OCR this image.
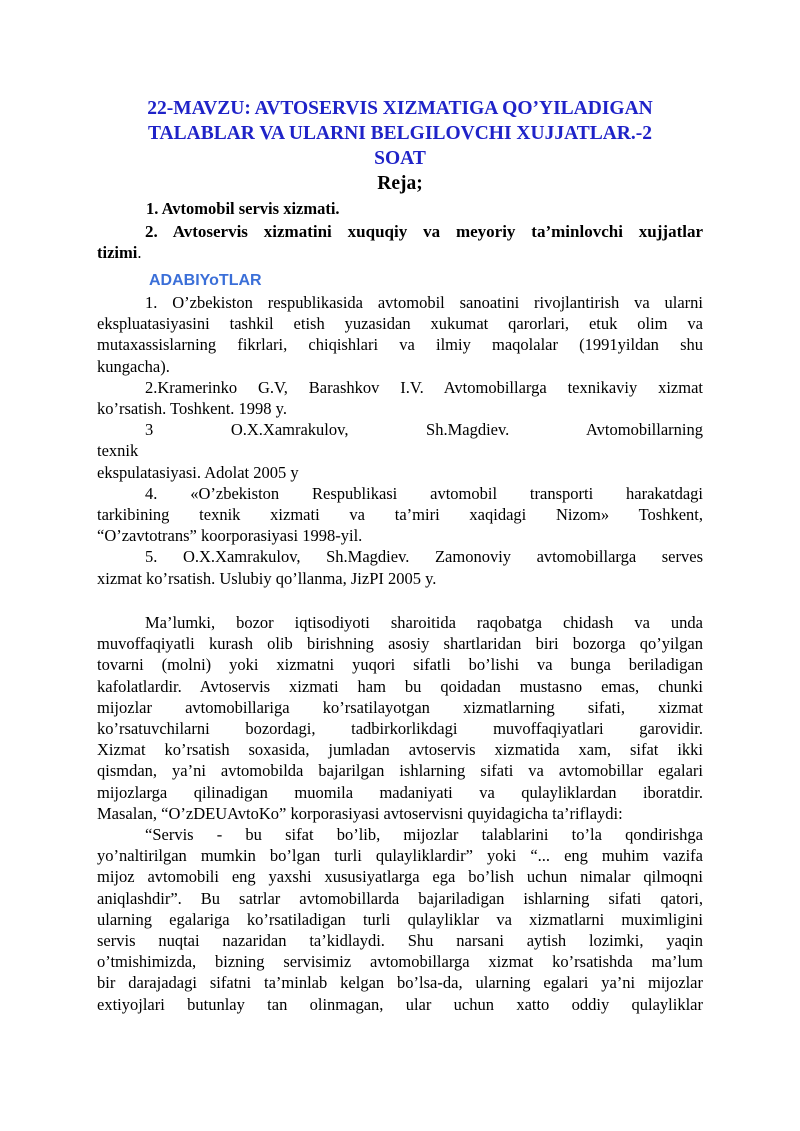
22-MAVZU: AVTOSERVIS XIZMATIGA QO’YILADIGAN
TALABLAR VA ULARNI BELGILOVCHI XUJJATLAR.-2
SOAT
Reja;
1. Avtomobil servis xizmati.
2. Avtoservis xizmatini xuquqiy va meyoriy ta’minlovchi xujjatlar
tizimi.
ADABIYoTLAR
1. O’zbekiston respublikasida avtomobil sanoatini rivojlantirish va ularni
ekspluatasiyasini tashkil etish yuzasidan xukumat qarorlari, etuk olim va
mutaxassislarning fikrlari, chiqishlari va ilmiy maqolalar (1991yildan shu
kungacha).
2.Kramerinko G.V, Barashkov I.V. Avtomobillarga texnikaviy xizmat
ko’rsatish. Toshkent. 1998 y.
3 O.X.Xamrakulov, Sh.Magdiev. Avtomobillarning texnik
ekspulatasiyasi. Adolat 2005 y
4. «O’zbekiston Respublikasi avtomobil transporti harakatdagi
tarkibining texnik xizmati va ta’miri xaqidagi Nizom» Toshkent,
“O’zavtotrans” koorporasiyasi 1998-yil.
5. O.X.Xamrakulov, Sh.Magdiev. Zamonoviy avtomobillarga serves
xizmat ko’rsatish. Uslubiy qo’llanma, JizPI 2005 y.
Ma’lumki, bozor iqtisodiyoti sharoitida raqobatga chidash va unda
muvoffaqiyatli kurash olib birishning asosiy shartlaridan biri bozorga qo’yilgan
tovarni (molni) yoki xizmatni yuqori sifatli bo’lishi va bunga beriladigan
kafolatlardir. Avtoservis xizmati ham bu qoidadan mustasno emas, chunki
mijozlar avtomobillariga ko’rsatilayotgan xizmatlarning sifati, xizmat
ko’rsatuvchilarni bozordagi, tadbirkorlikdagi muvoffaqiyatlari garovidir.
Xizmat ko’rsatish soxasida, jumladan avtoservis xizmatida xam, sifat ikki
qismdan, ya’ni avtomobilda bajarilgan ishlarning sifati va avtomobillar egalari
mijozlarga qilinadigan muomila madaniyati va qulayliklardan iboratdir.
Masalan, “O’zDEUAvtoKo” korporasiyasi avtoservisni quyidagicha ta’riflaydi:
“Servis - bu sifat bo’lib, mijozlar talablarini to’la qondirishga
yo’naltirilgan mumkin bo’lgan turli qulayliklardir” yoki “... eng muhim vazifa
mijoz avtomobili eng yaxshi xususiyatlarga ega bo’lish uchun nimalar qilmoqni
aniqlashdir”. Bu satrlar avtomobillarda bajariladigan ishlarning sifati qatori,
ularning egalariga ko’rsatiladigan turli qulayliklar va xizmatlarni muximligini
servis nuqtai nazaridan ta’kidlaydi. Shu narsani aytish lozimki, yaqin
o’tmishimizda, bizning servisimiz avtomobillarga xizmat ko’rsatishda ma’lum
bir darajadagi sifatni ta’minlab kelgan bo’lsa-da, ularning egalari ya’ni mijozlar
extiyojlari butunlay tan olinmagan, ular uchun xatto oddiy qulayliklar
